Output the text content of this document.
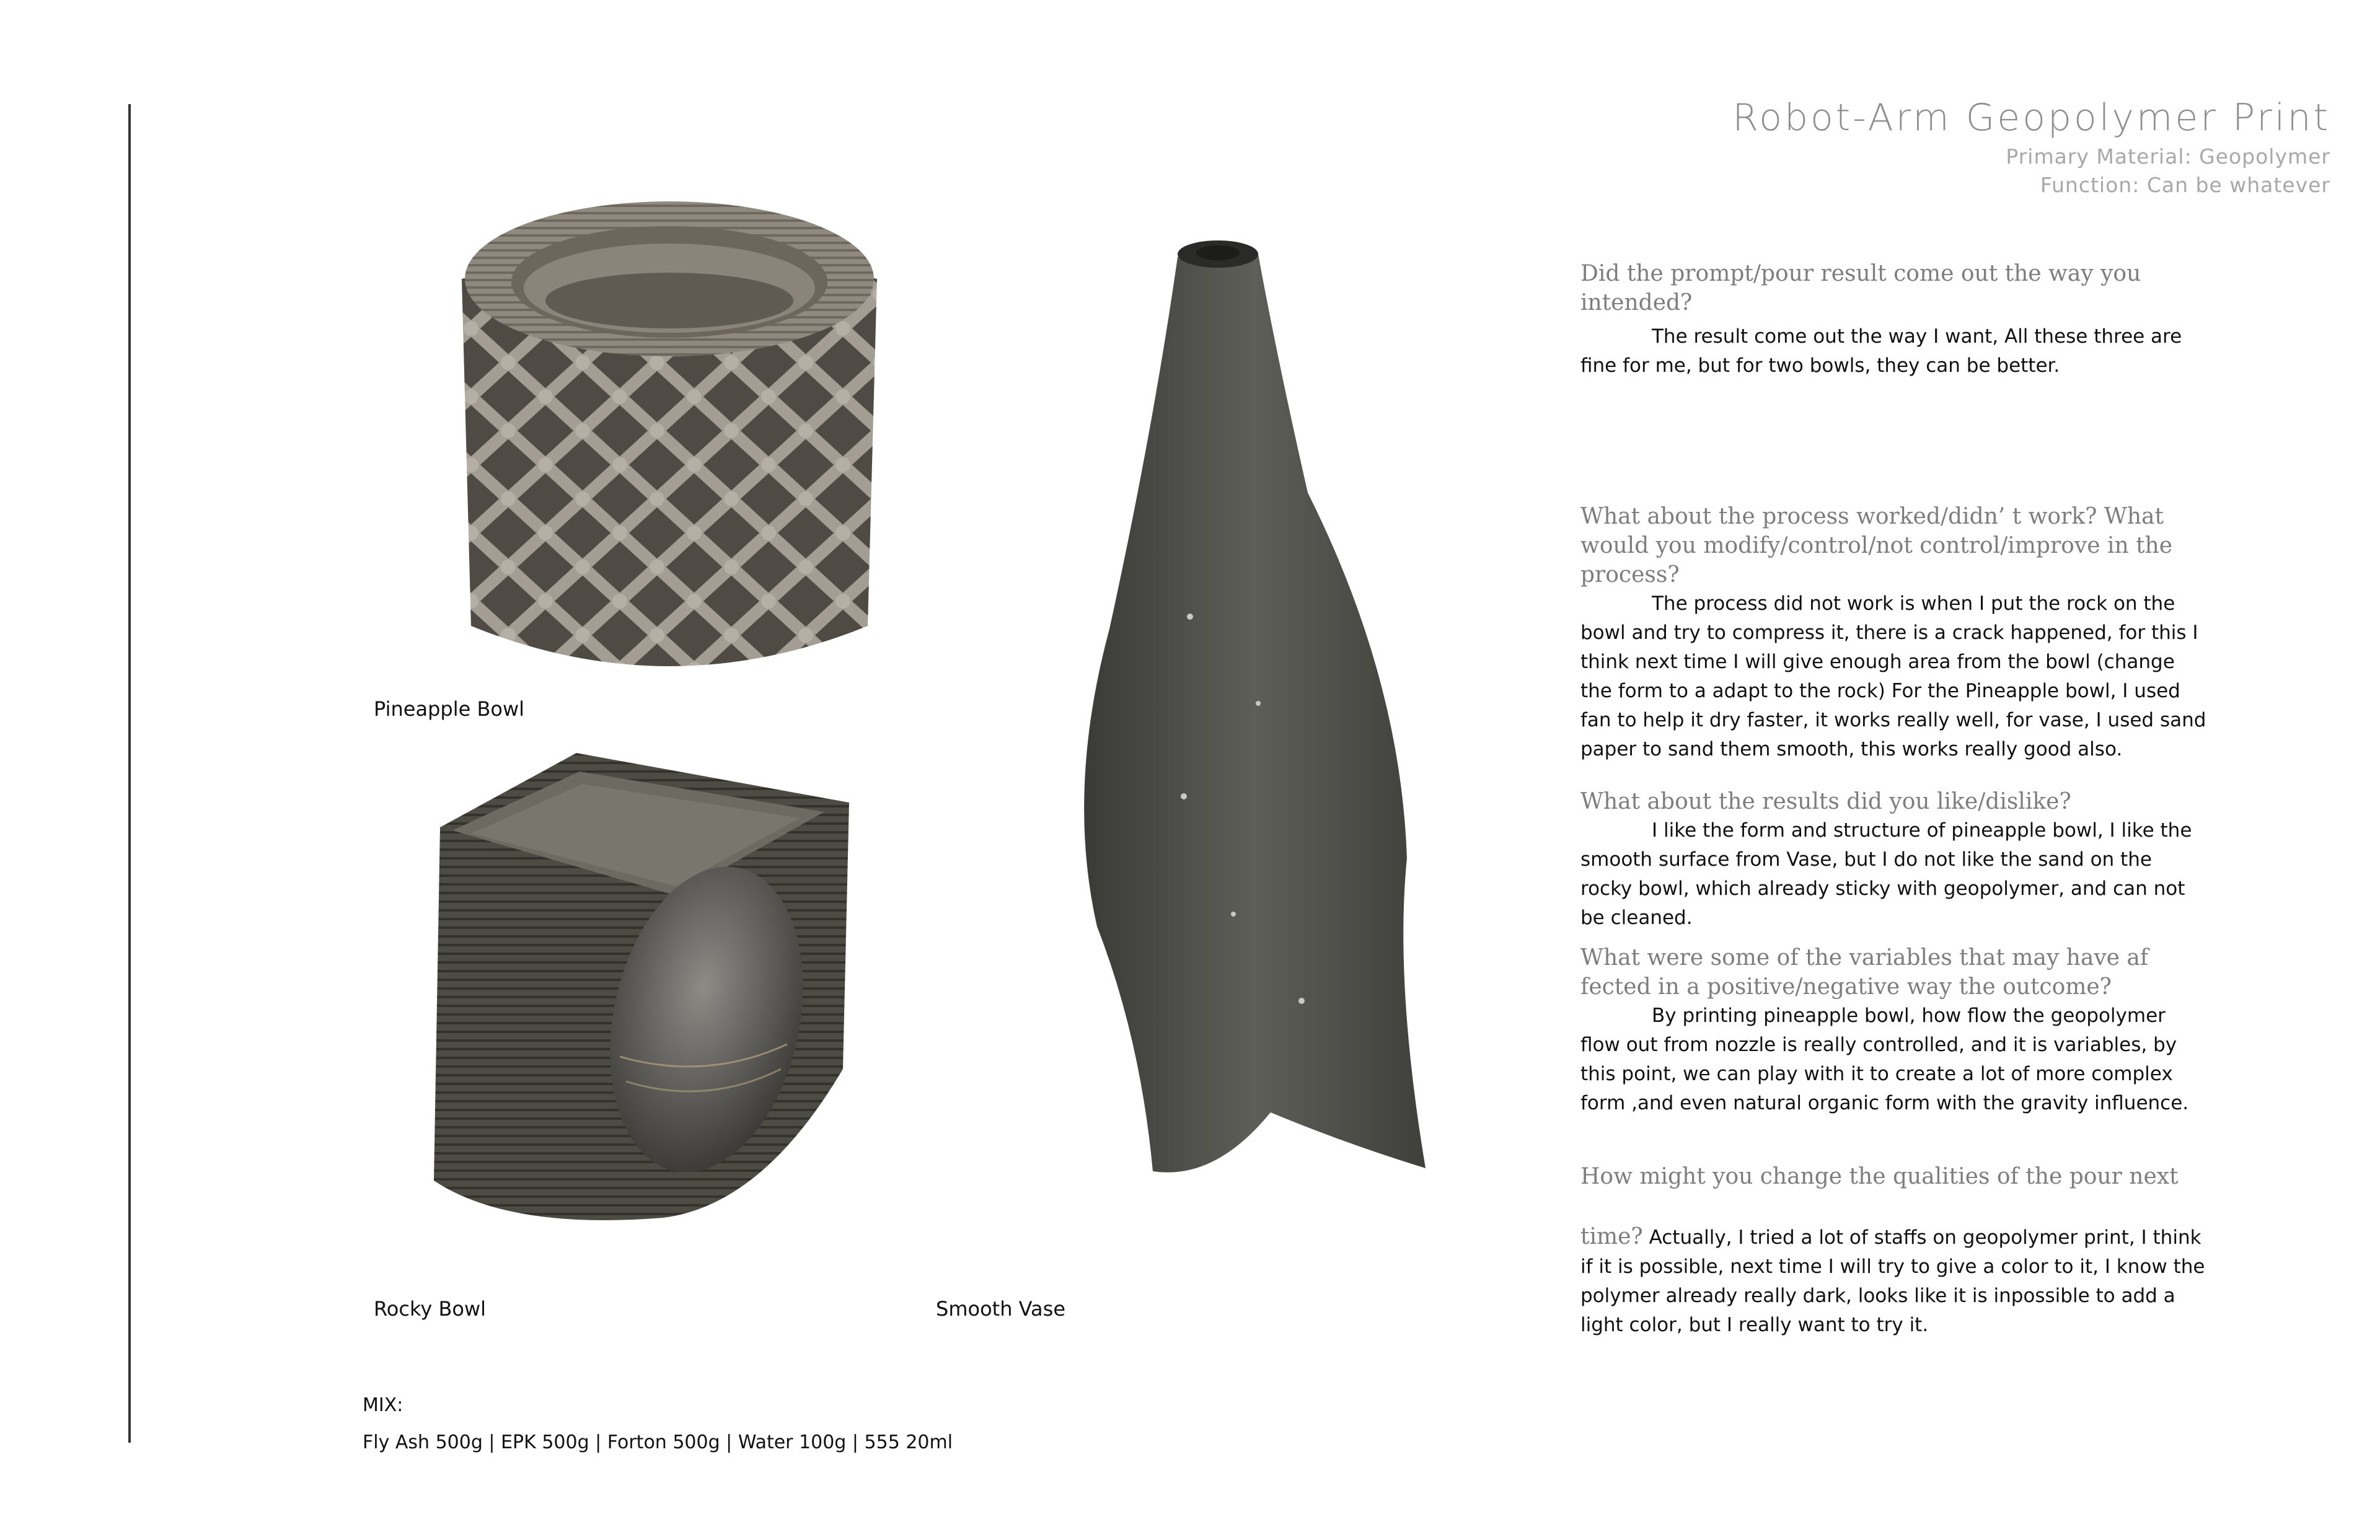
Robot-Arm Geopolymer Print
Primary Material: Geopolymer
Function: Can be whatever
Pineapple Bowl
Rocky Bowl	Smooth Vase
MIX:
Fly Ash 500g | EPK 500g | Forton 500g | Water 100g | 555 20ml

Did the prompt/pour result come out the way you intended?

The result come out the way I want, All these three are fine for me, but for two bowls, they can be better.

What about the process worked/didn’ t work? What would you modify/control/not control/improve in the process?

The process did not work is when I put the rock on the bowl and try to compress it, there is a crack happened, for this I think next time I will give enough area from the bowl (change the form to a adapt to the rock) For the Pineapple bowl, I used fan to help it dry faster, it works really well, for vase, I used sand paper to sand them smooth, this works really good also.

What about the results did you like/dislike?

I like the form and structure of pineapple bowl, I like the smooth surface from Vase, but I do not like the sand on the rocky bowl, which already sticky with geopolymer, and can not be cleaned.

What were some of the variables that may have af fected in a positive/negative way the outcome?

By printing pineapple bowl, how flow the geopolymer flow out from nozzle is really controlled, and it is variables, by this point, we can play with it to create a lot of more complex form ,and even natural organic form with the gravity influence.

How might you change the qualities of the pour next

time? Actually, I tried a lot of staffs on geopolymer print, I think if it is possible, next time I will try to give a color to it, I know the polymer already really dark, looks like it is inpossible to add a light color, but I really want to try it.
